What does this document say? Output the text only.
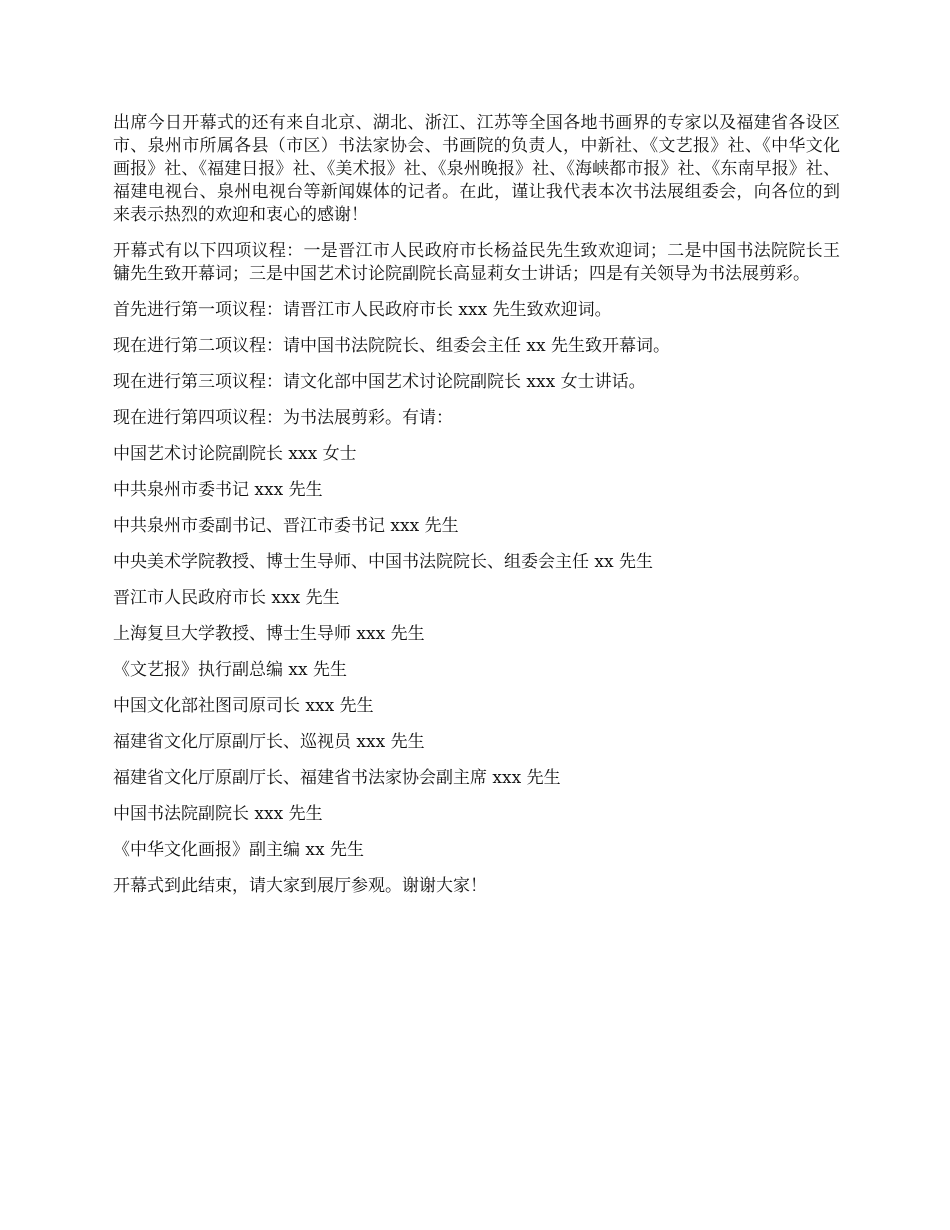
出席今日开幕式的还有来自北京、湖北、浙江、江苏等全国各地书画界的专家以及福建省各设区市、泉州市所属各县（市区）书法家协会、书画院的负责人，中新社、《文艺报》社、《中华文化画报》社、《福建日报》社、《美术报》社、《泉州晚报》社、《海峡都市报》社、《东南早报》社、福建电视台、泉州电视台等新闻媒体的记者。在此，谨让我代表本次书法展组委会，向各位的到来表示热烈的欢迎和衷心的感谢！

开幕式有以下四项议程：一是晋江市人民政府市长杨益民先生致欢迎词；二是中国书法院院长王镛先生致开幕词；三是中国艺术讨论院副院长高显莉女士讲话；四是有关领导为书法展剪彩。

首先进行第一项议程：请晋江市人民政府市长 xxx 先生致欢迎词。

现在进行第二项议程：请中国书法院院长、组委会主任 xx 先生致开幕词。

现在进行第三项议程：请文化部中国艺术讨论院副院长 xxx 女士讲话。

现在进行第四项议程：为书法展剪彩。有请：

中国艺术讨论院副院长 xxx 女士

中共泉州市委书记 xxx 先生

中共泉州市委副书记、晋江市委书记 xxx 先生

中央美术学院教授、博士生导师、中国书法院院长、组委会主任 xx 先生

晋江市人民政府市长 xxx 先生

上海复旦大学教授、博士生导师 xxx 先生

《文艺报》执行副总编 xx 先生

中国文化部社图司原司长 xxx 先生

福建省文化厅原副厅长、巡视员 xxx 先生

福建省文化厅原副厅长、福建省书法家协会副主席 xxx 先生

中国书法院副院长 xxx 先生

《中华文化画报》副主编 xx 先生

开幕式到此结束，请大家到展厅参观。谢谢大家！
